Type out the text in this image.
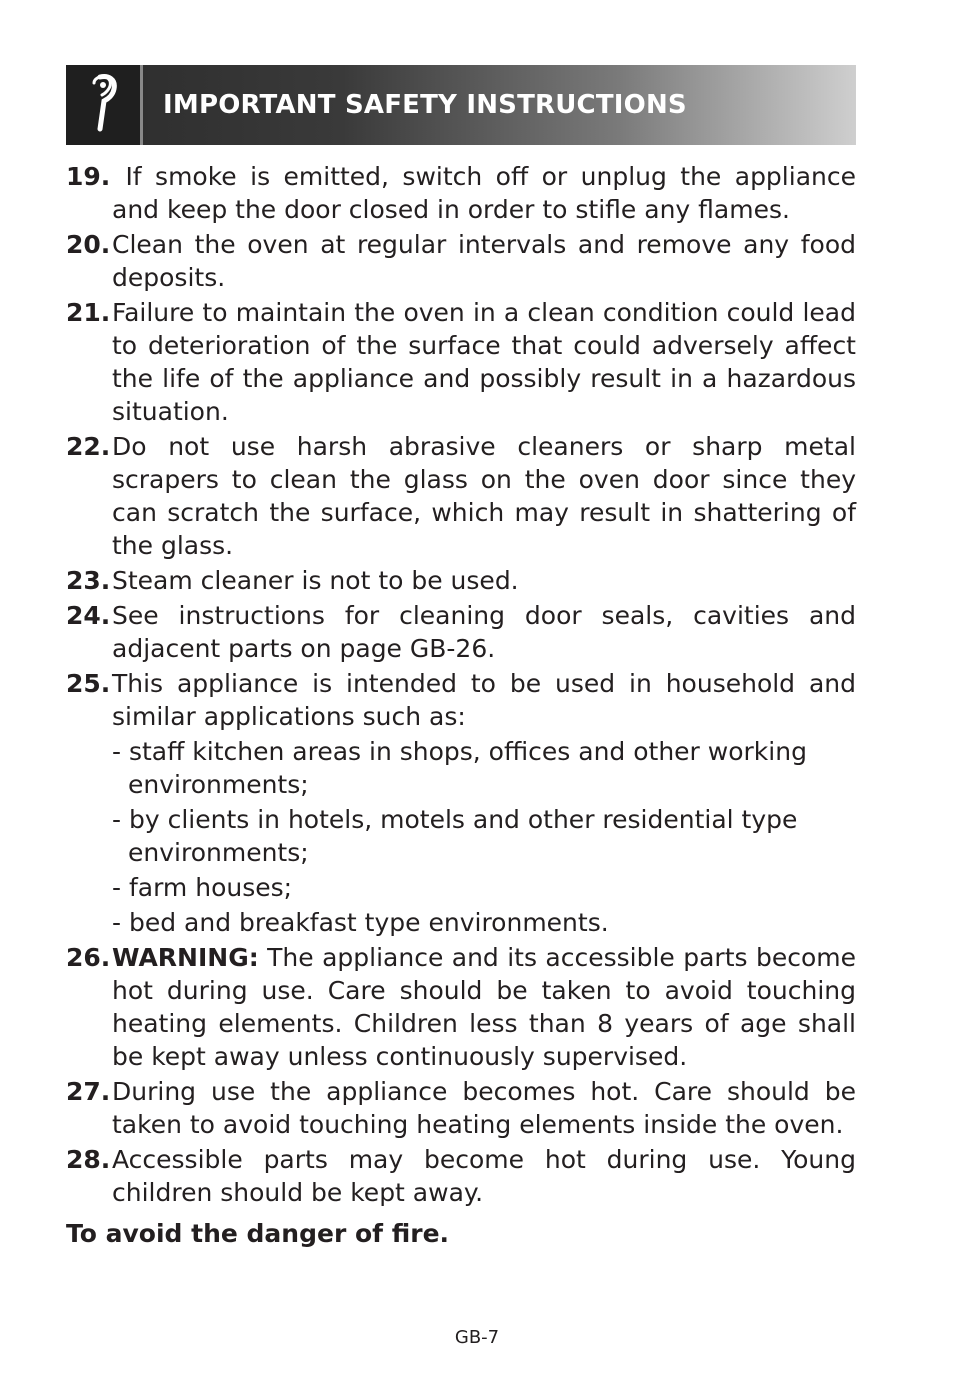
IMPORTANT SAFETY INSTRUCTIONS
19. If smoke is emitted, switch off or unplug the appliance and keep the door closed in order to stifle any flames.
20. Clean the oven at regular intervals and remove any food deposits.
21. Failure to maintain the oven in a clean condition could lead to deterioration of the surface that could adversely affect the life of the appliance and possibly result in a hazardous situation.
22. Do not use harsh abrasive cleaners or sharp metal scrapers to clean the glass on the oven door since they can scratch the surface, which may result in shattering of the glass.
23. Steam cleaner is not to be used.
24. See instructions for cleaning door seals, cavities and adjacent parts on page GB-26.
25. This appliance is intended to be used in household and similar applications such as:
- staff kitchen areas in shops, offices and other working environments;
- by clients in hotels, motels and other residential type environments;
- farm houses;
- bed and breakfast type environments.
26. WARNING: The appliance and its accessible parts become hot during use. Care should be taken to avoid touching heating elements. Children less than 8 years of age shall be kept away unless continuously supervised.
27. During use the appliance becomes hot. Care should be taken to avoid touching heating elements inside the oven.
28. Accessible parts may become hot during use. Young children should be kept away.
To avoid the danger of fire.
GB-7
